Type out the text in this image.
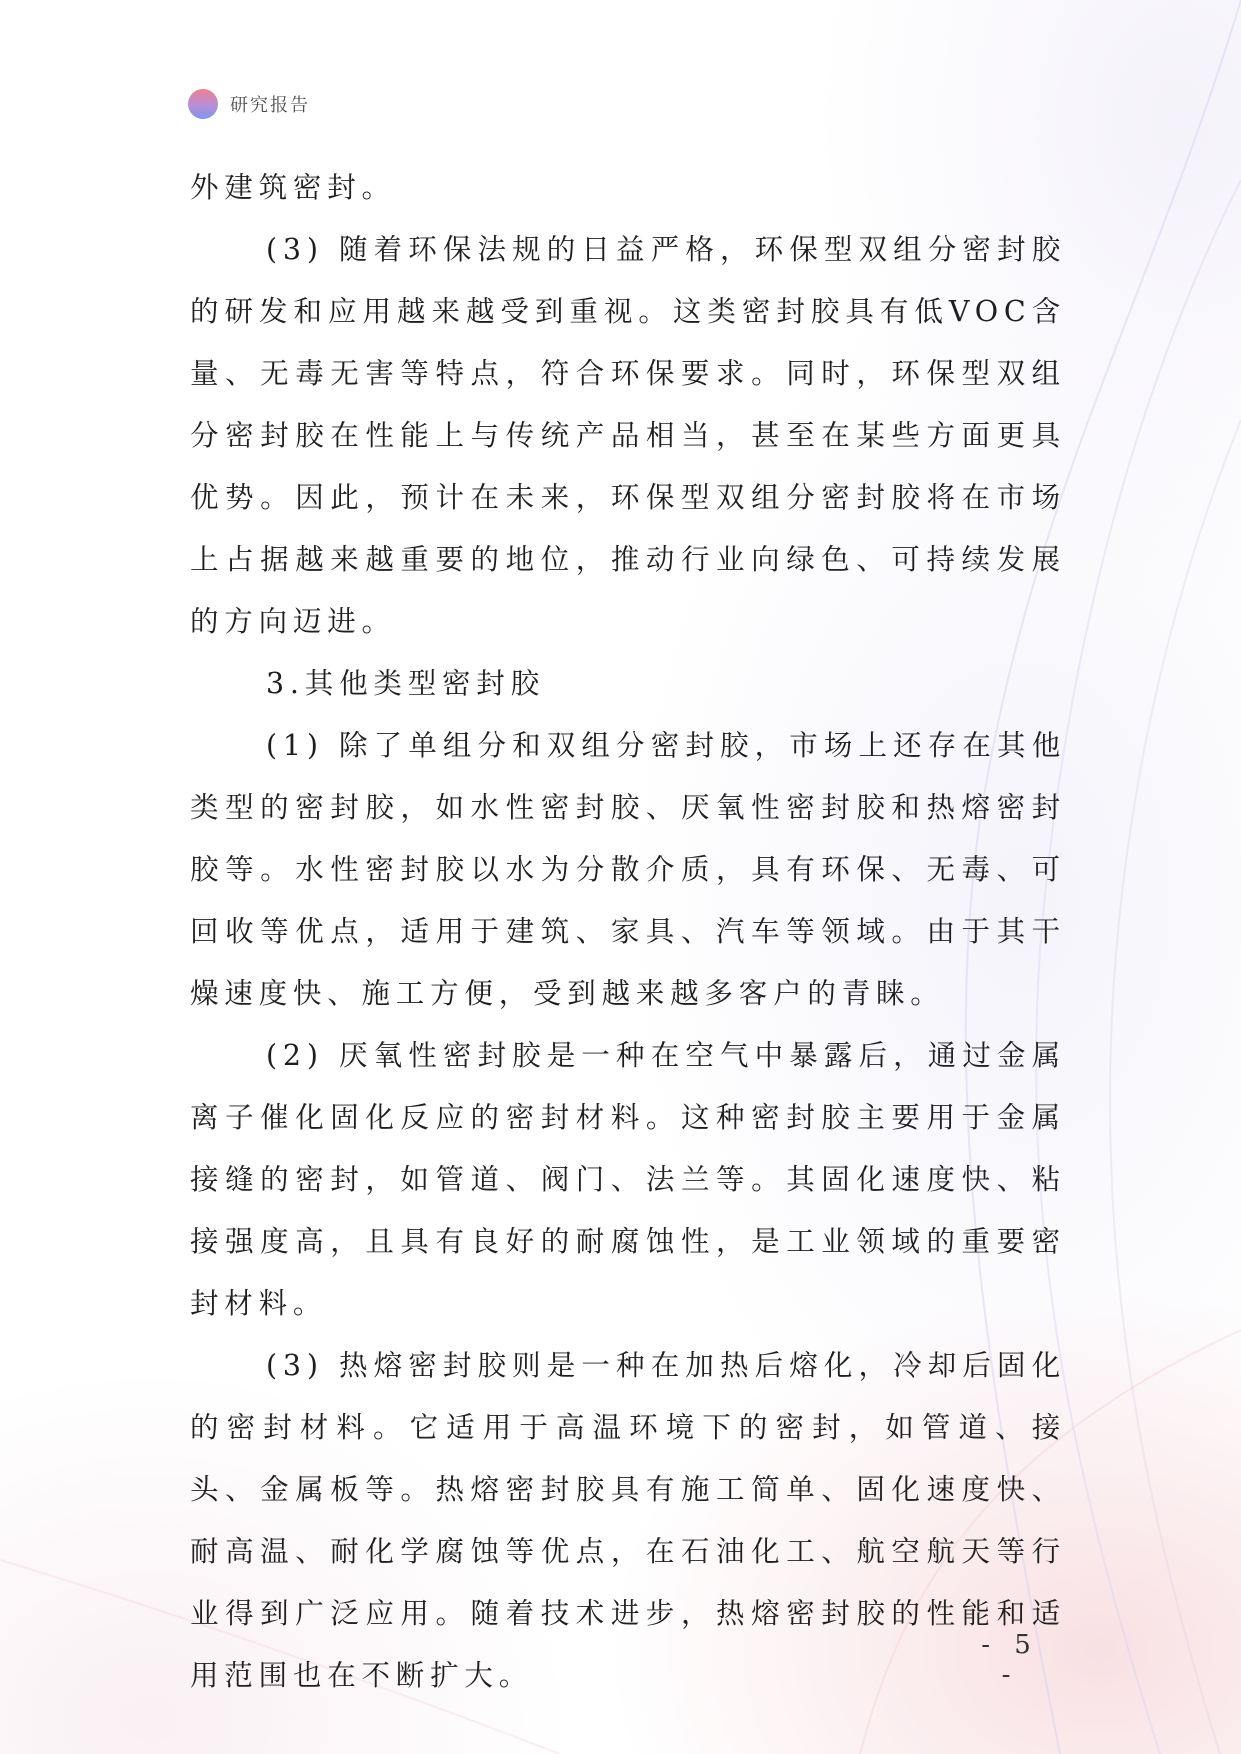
研究报告

外建筑密封。

(3) 随着环保法规的日益严格，环保型双组分密封胶的研发和应用越来越受到重视。这类密封胶具有低VOC含量、无毒无害等特点，符合环保要求。同时，环保型双组分密封胶在性能上与传统产品相当，甚至在某些方面更具优势。因此，预计在未来，环保型双组分密封胶将在市场上占据越来越重要的地位，推动行业向绿色、可持续发展的方向迈进。

3.其他类型密封胶

(1) 除了单组分和双组分密封胶，市场上还存在其他类型的密封胶，如水性密封胶、厌氧性密封胶和热熔密封胶等。水性密封胶以水为分散介质，具有环保、无毒、可回收等优点，适用于建筑、家具、汽车等领域。由于其干燥速度快、施工方便，受到越来越多客户的青睐。

(2) 厌氧性密封胶是一种在空气中暴露后，通过金属离子催化固化反应的密封材料。这种密封胶主要用于金属接缝的密封，如管道、阀门、法兰等。其固化速度快、粘接强度高，且具有良好的耐腐蚀性，是工业领域的重要密封材料。

(3) 热熔密封胶则是一种在加热后熔化，冷却后固化的密封材料。它适用于高温环境下的密封，如管道、接头、金属板等。热熔密封胶具有施工简单、固化速度快、耐高温、耐化学腐蚀等优点，在石油化工、航空航天等行业得到广泛应用。随着技术进步，热熔密封胶的性能和适用范围也在不断扩大。

- 5 -
